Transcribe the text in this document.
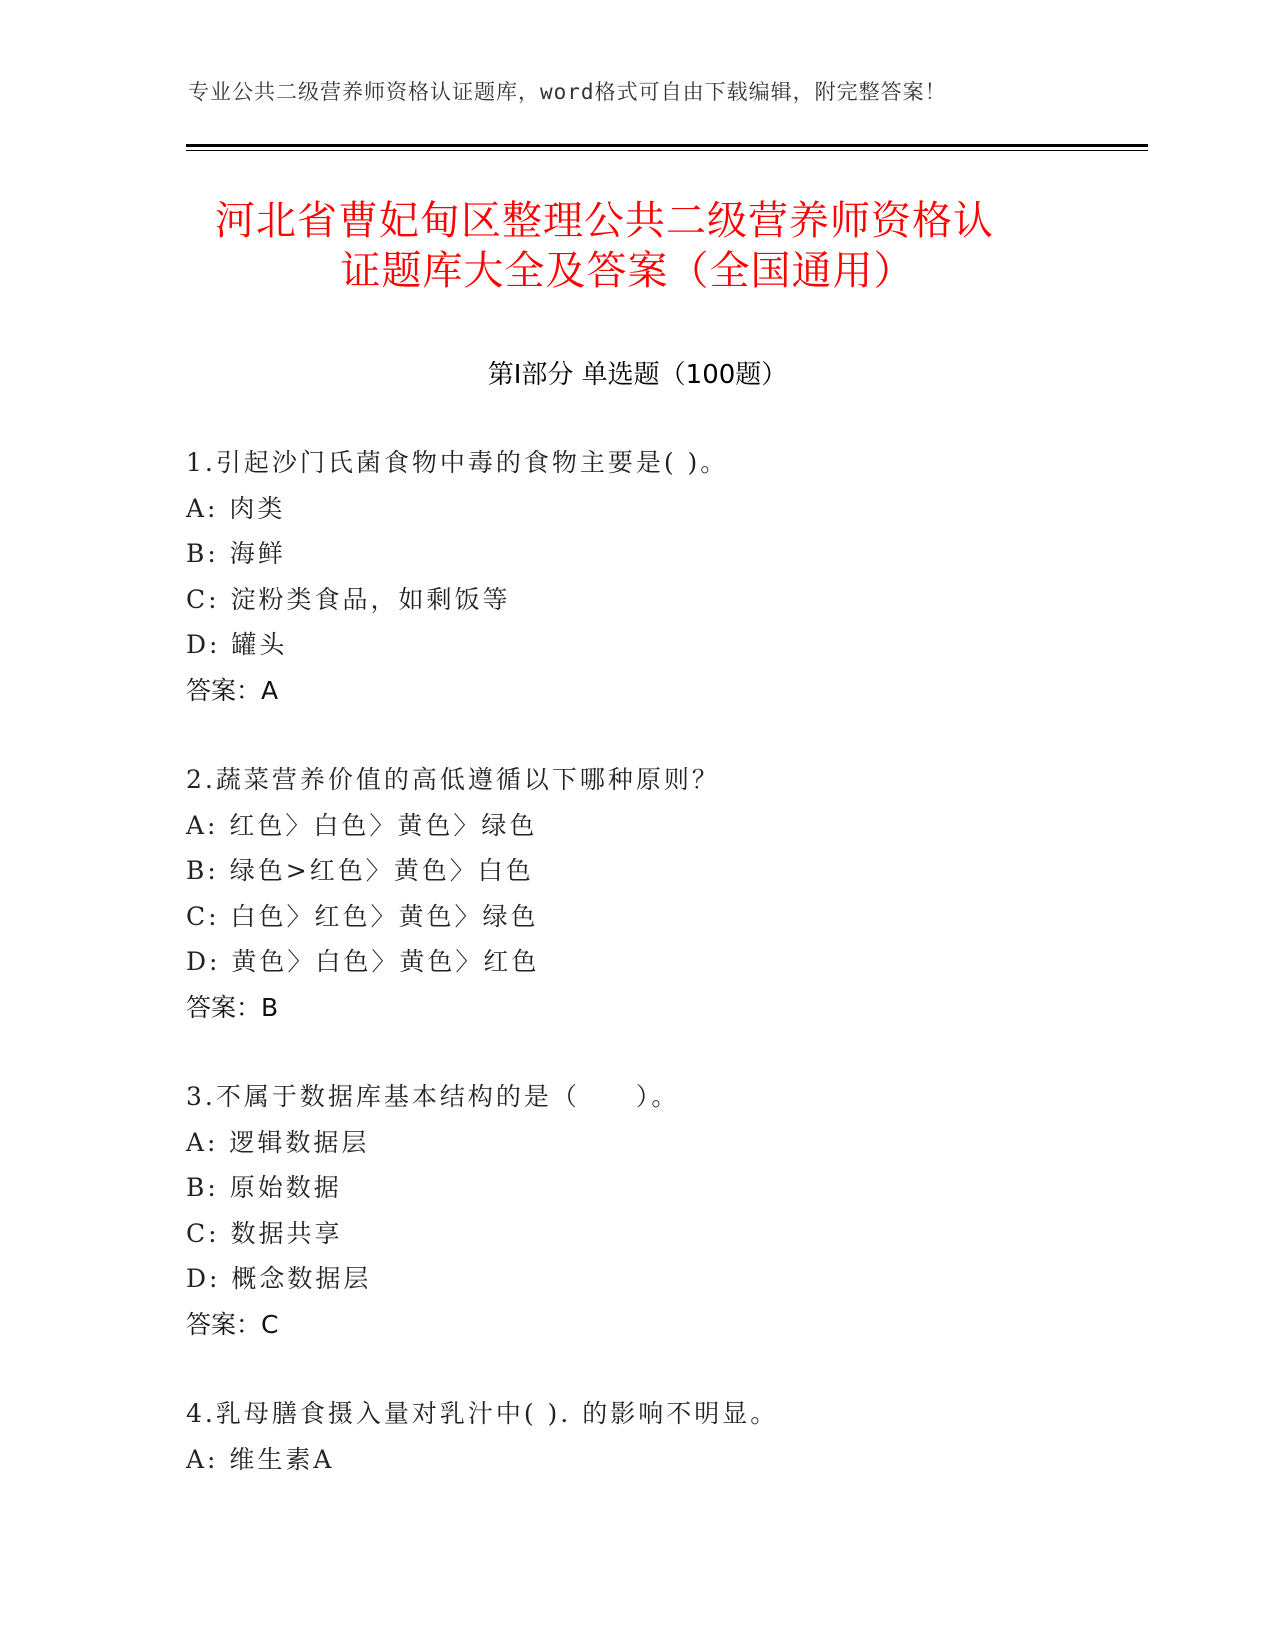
专业公共二级营养师资格认证题库，word格式可自由下载编辑，附完整答案！
河北省曹妃甸区整理公共二级营养师资格认
证题库大全及答案（全国通用）
第Ⅰ部分 单选题（100题）
1.引起沙门氏菌食物中毒的食物主要是( )。
A: 肉类
B: 海鲜
C: 淀粉类食品，如剩饭等
D: 罐头
答案：A
2.蔬菜营养价值的高低遵循以下哪种原则？
A: 红色〉白色〉黄色〉绿色
B: 绿色>红色〉黄色〉白色
C: 白色〉红色〉黄色〉绿色
D: 黄色〉白色〉黄色〉红色
答案：B
3.不属于数据库基本结构的是（　　）。
A: 逻辑数据层
B: 原始数据
C: 数据共享
D: 概念数据层
答案：C
4.乳母膳食摄入量对乳汁中( ). 的影响不明显。
A: 维生素A
